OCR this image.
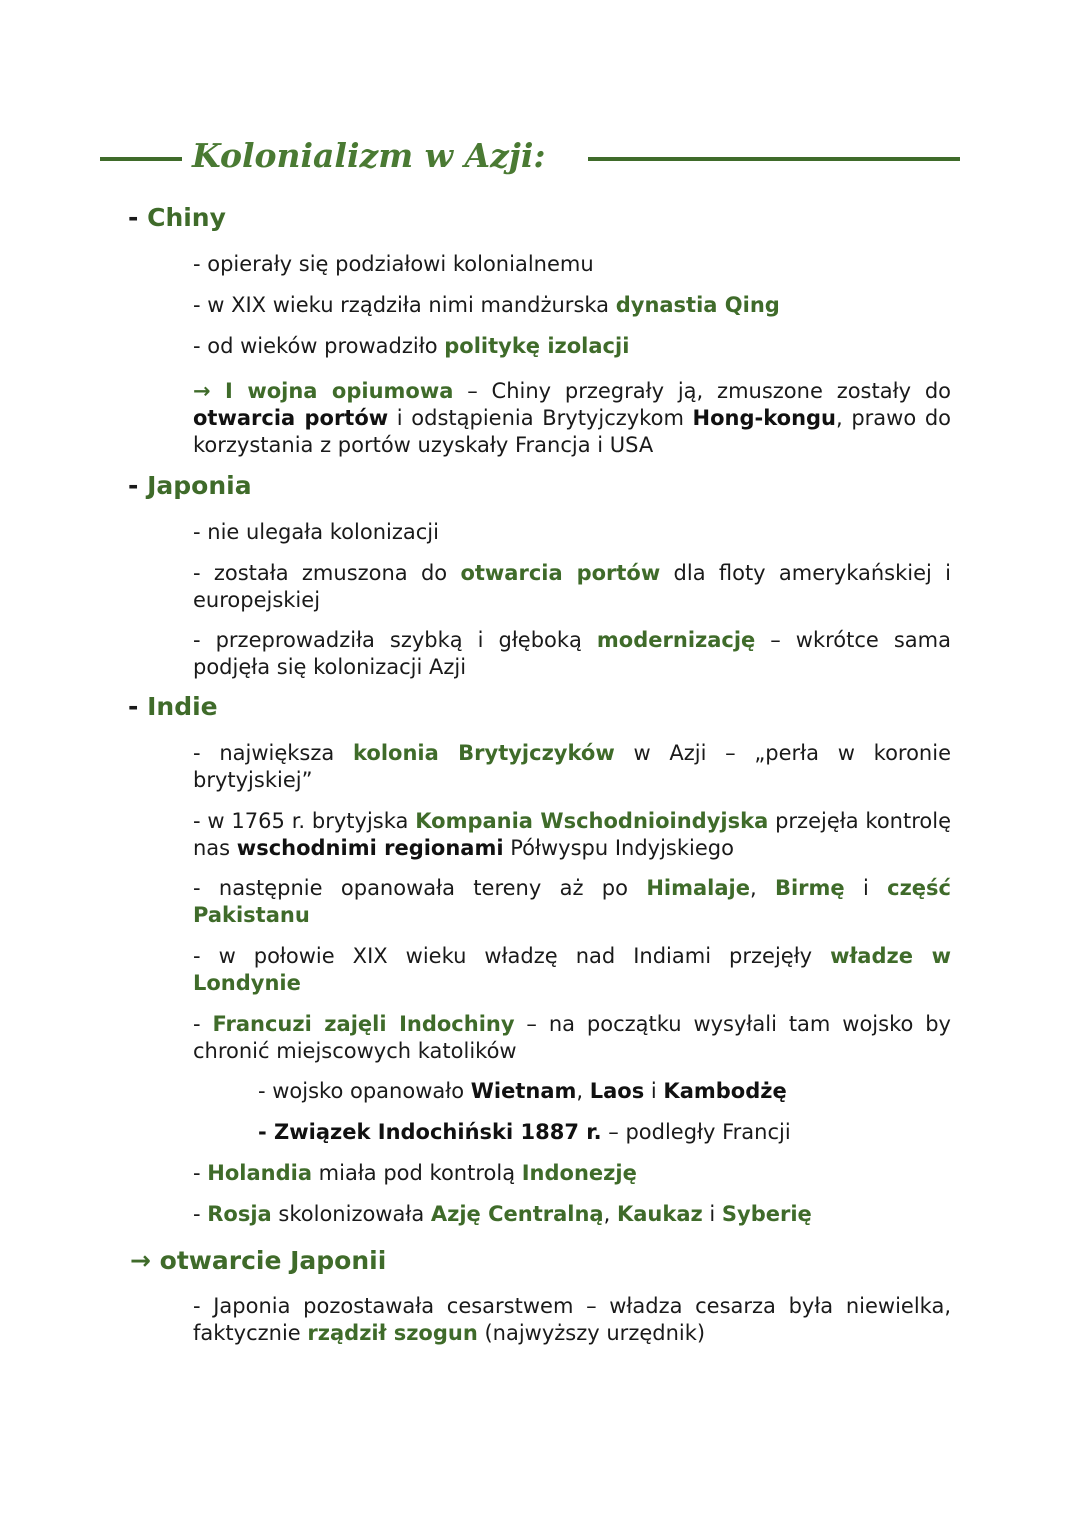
Kolonializm w Azji:
- Chiny
- opierały się podziałowi kolonialnemu
- w XIX wieku rządziła nimi mandżurska dynastia Qing
- od wieków prowadziło politykę izolacji
→ I wojna opiumowa – Chiny przegrały ją, zmuszone zostały do otwarcia portów i odstąpienia Brytyjczykom Hong-kongu, prawo do korzystania z portów uzyskały Francja i USA
- Japonia
- nie ulegała kolonizacji
- została zmuszona do otwarcia portów dla floty amerykańskiej i europejskiej
- przeprowadziła szybką i głęboką modernizację – wkrótce sama podjęła się kolonizacji Azji
- Indie
- największa kolonia Brytyjczyków w Azji – „perła w koronie brytyjskiej”
- w 1765 r. brytyjska Kompania Wschodnioindyjska przejęła kontrolę nas wschodnimi regionami Półwyspu Indyjskiego
- następnie opanowała tereny aż po Himalaje, Birmę i część Pakistanu
- w połowie XIX wieku władzę nad Indiami przejęły władze w Londynie
- Francuzi zajęli Indochiny – na początku wysyłali tam wojsko by chronić miejscowych katolików
- wojsko opanowało Wietnam, Laos i Kambodżę
- Związek Indochiński 1887 r. – podległy Francji
- Holandia miała pod kontrolą Indonezję
- Rosja skolonizowała Azję Centralną, Kaukaz i Syberię
→ otwarcie Japonii
- Japonia pozostawała cesarstwem – władza cesarza była niewielka, faktycznie rządził szogun (najwyższy urzędnik)
